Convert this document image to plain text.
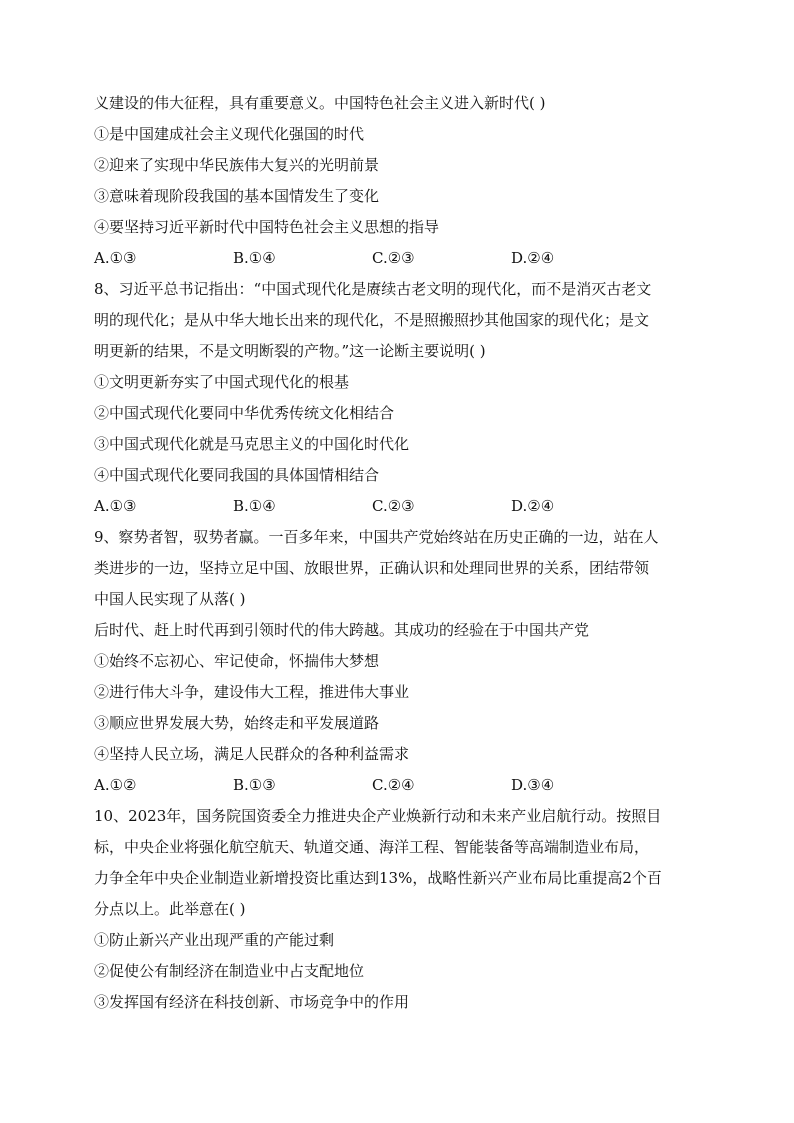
义建设的伟大征程，具有重要意义。中国特色社会主义进入新时代( )
①是中国建成社会主义现代化强国的时代
②迎来了实现中华民族伟大复兴的光明前景
③意味着现阶段我国的基本国情发生了变化
④要坚持习近平新时代中国特色社会主义思想的指导
A.①③	B.①④	C.②③	D.②④
8、习近平总书记指出：“中国式现代化是赓续古老文明的现代化，而不是消灭古老文
明的现代化；是从中华大地长出来的现代化，不是照搬照抄其他国家的现代化；是文
明更新的结果，不是文明断裂的产物。”这一论断主要说明( )
①文明更新夯实了中国式现代化的根基
②中国式现代化要同中华优秀传统文化相结合
③中国式现代化就是马克思主义的中国化时代化
④中国式现代化要同我国的具体国情相结合
A.①③	B.①④	C.②③	D.②④
9、察势者智，驭势者赢。一百多年来，中国共产党始终站在历史正确的一边，站在人
类进步的一边，坚持立足中国、放眼世界，正确认识和处理同世界的关系，团结带领
中国人民实现了从落( )
后时代、赶上时代再到引领时代的伟大跨越。其成功的经验在于中国共产党
①始终不忘初心、牢记使命，怀揣伟大梦想
②进行伟大斗争，建设伟大工程，推进伟大事业
③顺应世界发展大势，始终走和平发展道路
④坚持人民立场，满足人民群众的各种利益需求
A.①②	B.①③	C.②④	D.③④
10、2023年，国务院国资委全力推进央企产业焕新行动和未来产业启航行动。按照目
标，中央企业将强化航空航天、轨道交通、海洋工程、智能装备等高端制造业布局，
力争全年中央企业制造业新增投资比重达到13%，战略性新兴产业布局比重提高2个百
分点以上。此举意在( )
①防止新兴产业出现严重的产能过剩
②促使公有制经济在制造业中占支配地位
③发挥国有经济在科技创新、市场竞争中的作用
